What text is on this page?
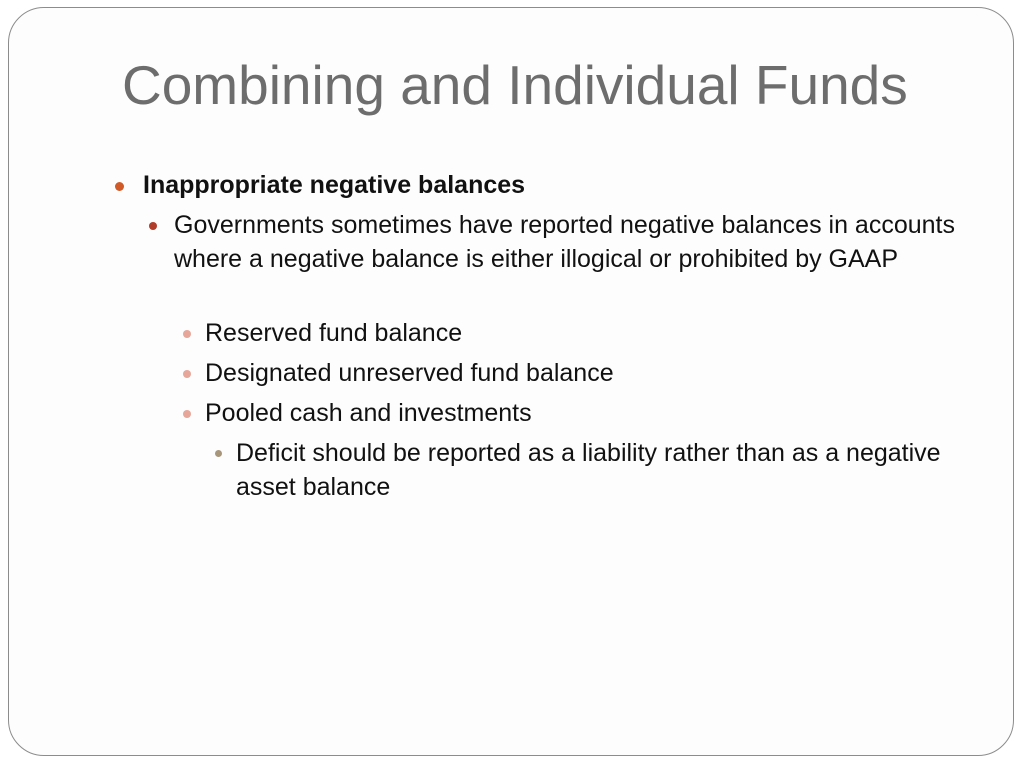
Combining and Individual Funds
Inappropriate negative balances
Governments sometimes have reported negative balances in accounts where a negative balance is either illogical or prohibited by GAAP
Reserved fund balance
Designated unreserved fund balance
Pooled cash and investments
Deficit should be reported as a liability rather than as a negative asset balance
